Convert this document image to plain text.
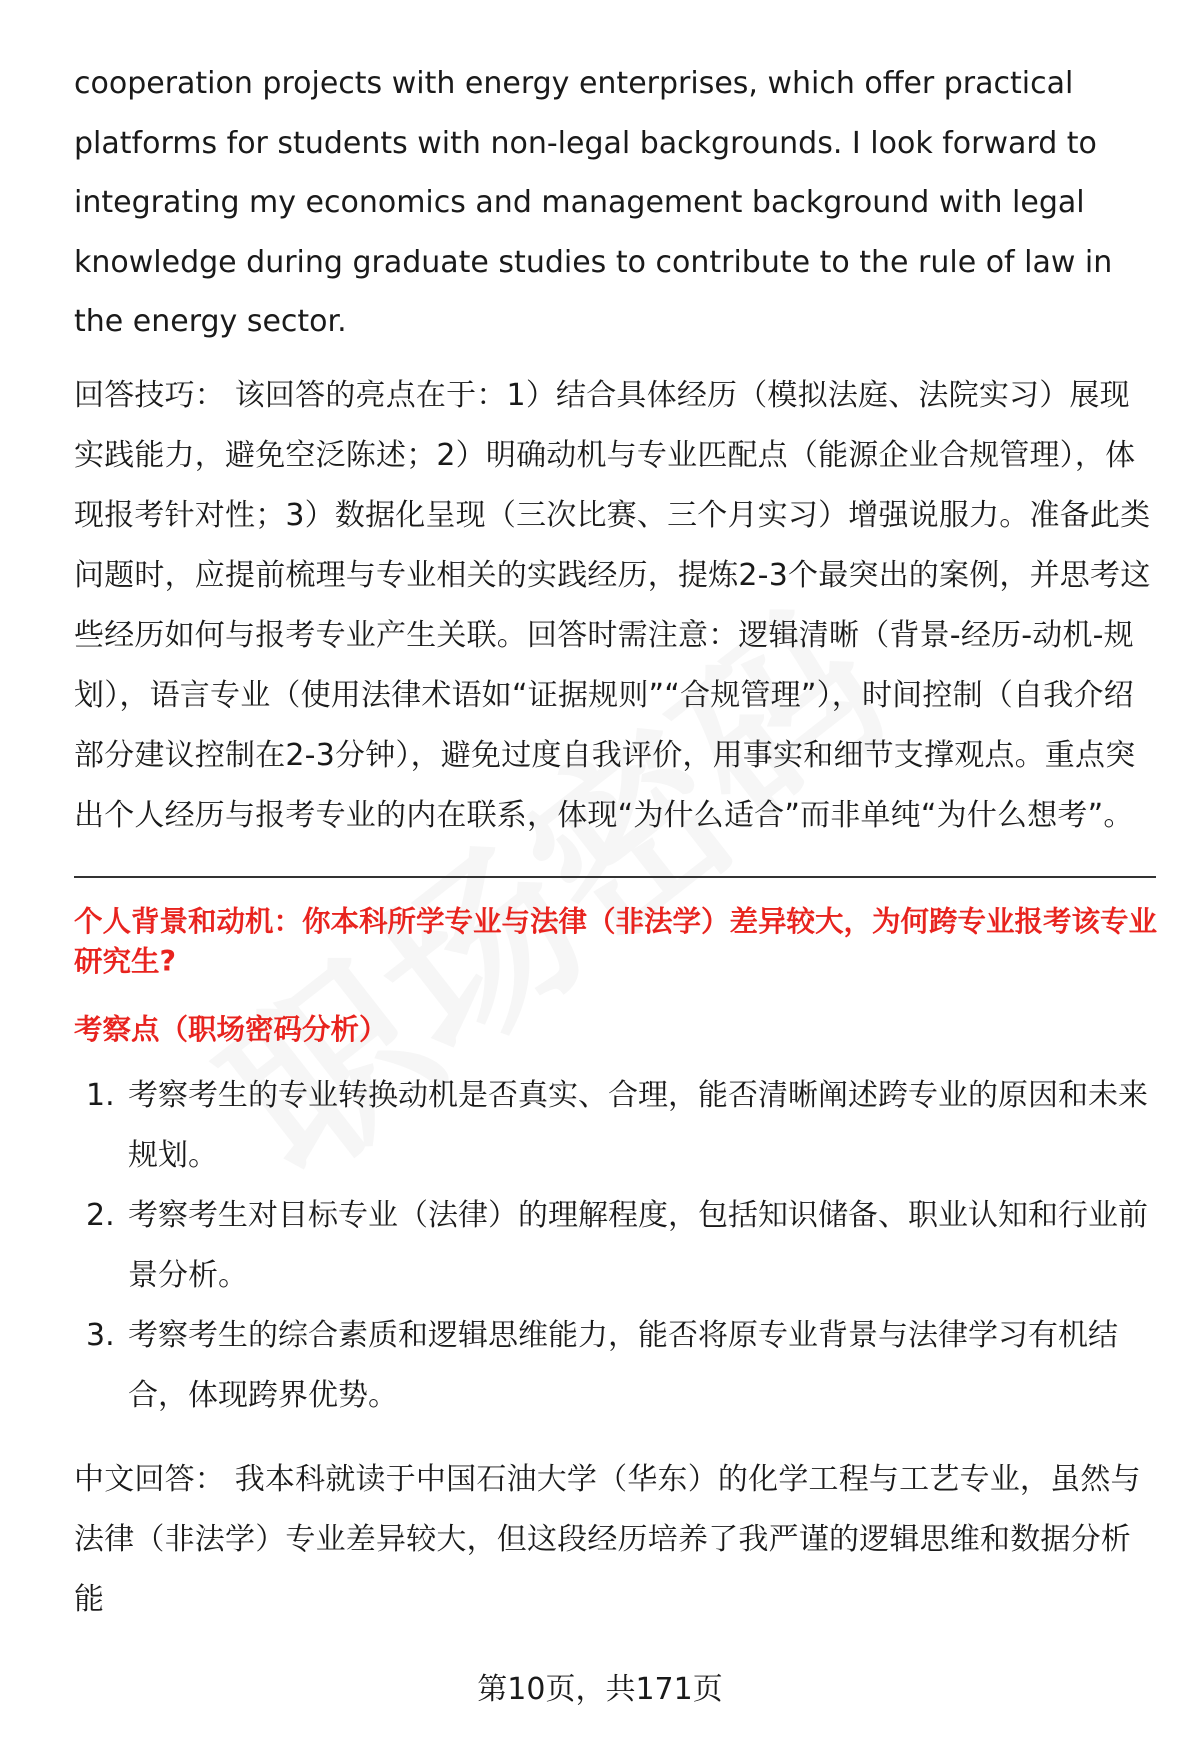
cooperation projects with energy enterprises, which offer practical platforms for students with non-legal backgrounds. I look forward to integrating my economics and management background with legal knowledge during graduate studies to contribute to the rule of law in the energy sector.

回答技巧： 该回答的亮点在于：1）结合具体经历（模拟法庭、法院实习）展现实践能力，避免空泛陈述；2）明确动机与专业匹配点（能源企业合规管理），体现报考针对性；3）数据化呈现（三次比赛、三个月实习）增强说服力。准备此类问题时，应提前梳理与专业相关的实践经历，提炼2-3个最突出的案例，并思考这些经历如何与报考专业产生关联。回答时需注意：逻辑清晰（背景-经历-动机-规划），语言专业（使用法律术语如“证据规则”“合规管理”），时间控制（自我介绍部分建议控制在2-3分钟），避免过度自我评价，用事实和细节支撑观点。重点突出个人经历与报考专业的内在联系，体现“为什么适合”而非单纯“为什么想考”。

个人背景和动机：你本科所学专业与法律（非法学）差异较大，为何跨专业报考该专业研究生?

考察点（职场密码分析）

1. 考察考生的专业转换动机是否真实、合理，能否清晰阐述跨专业的原因和未来规划。
2. 考察考生对目标专业（法律）的理解程度，包括知识储备、职业认知和行业前景分析。
3. 考察考生的综合素质和逻辑思维能力，能否将原专业背景与法律学习有机结合，体现跨界优势。

中文回答： 我本科就读于中国石油大学（华东）的化学工程与工艺专业，虽然与法律（非法学）专业差异较大，但这段经历培养了我严谨的逻辑思维和数据分析能

第10页，共171页
